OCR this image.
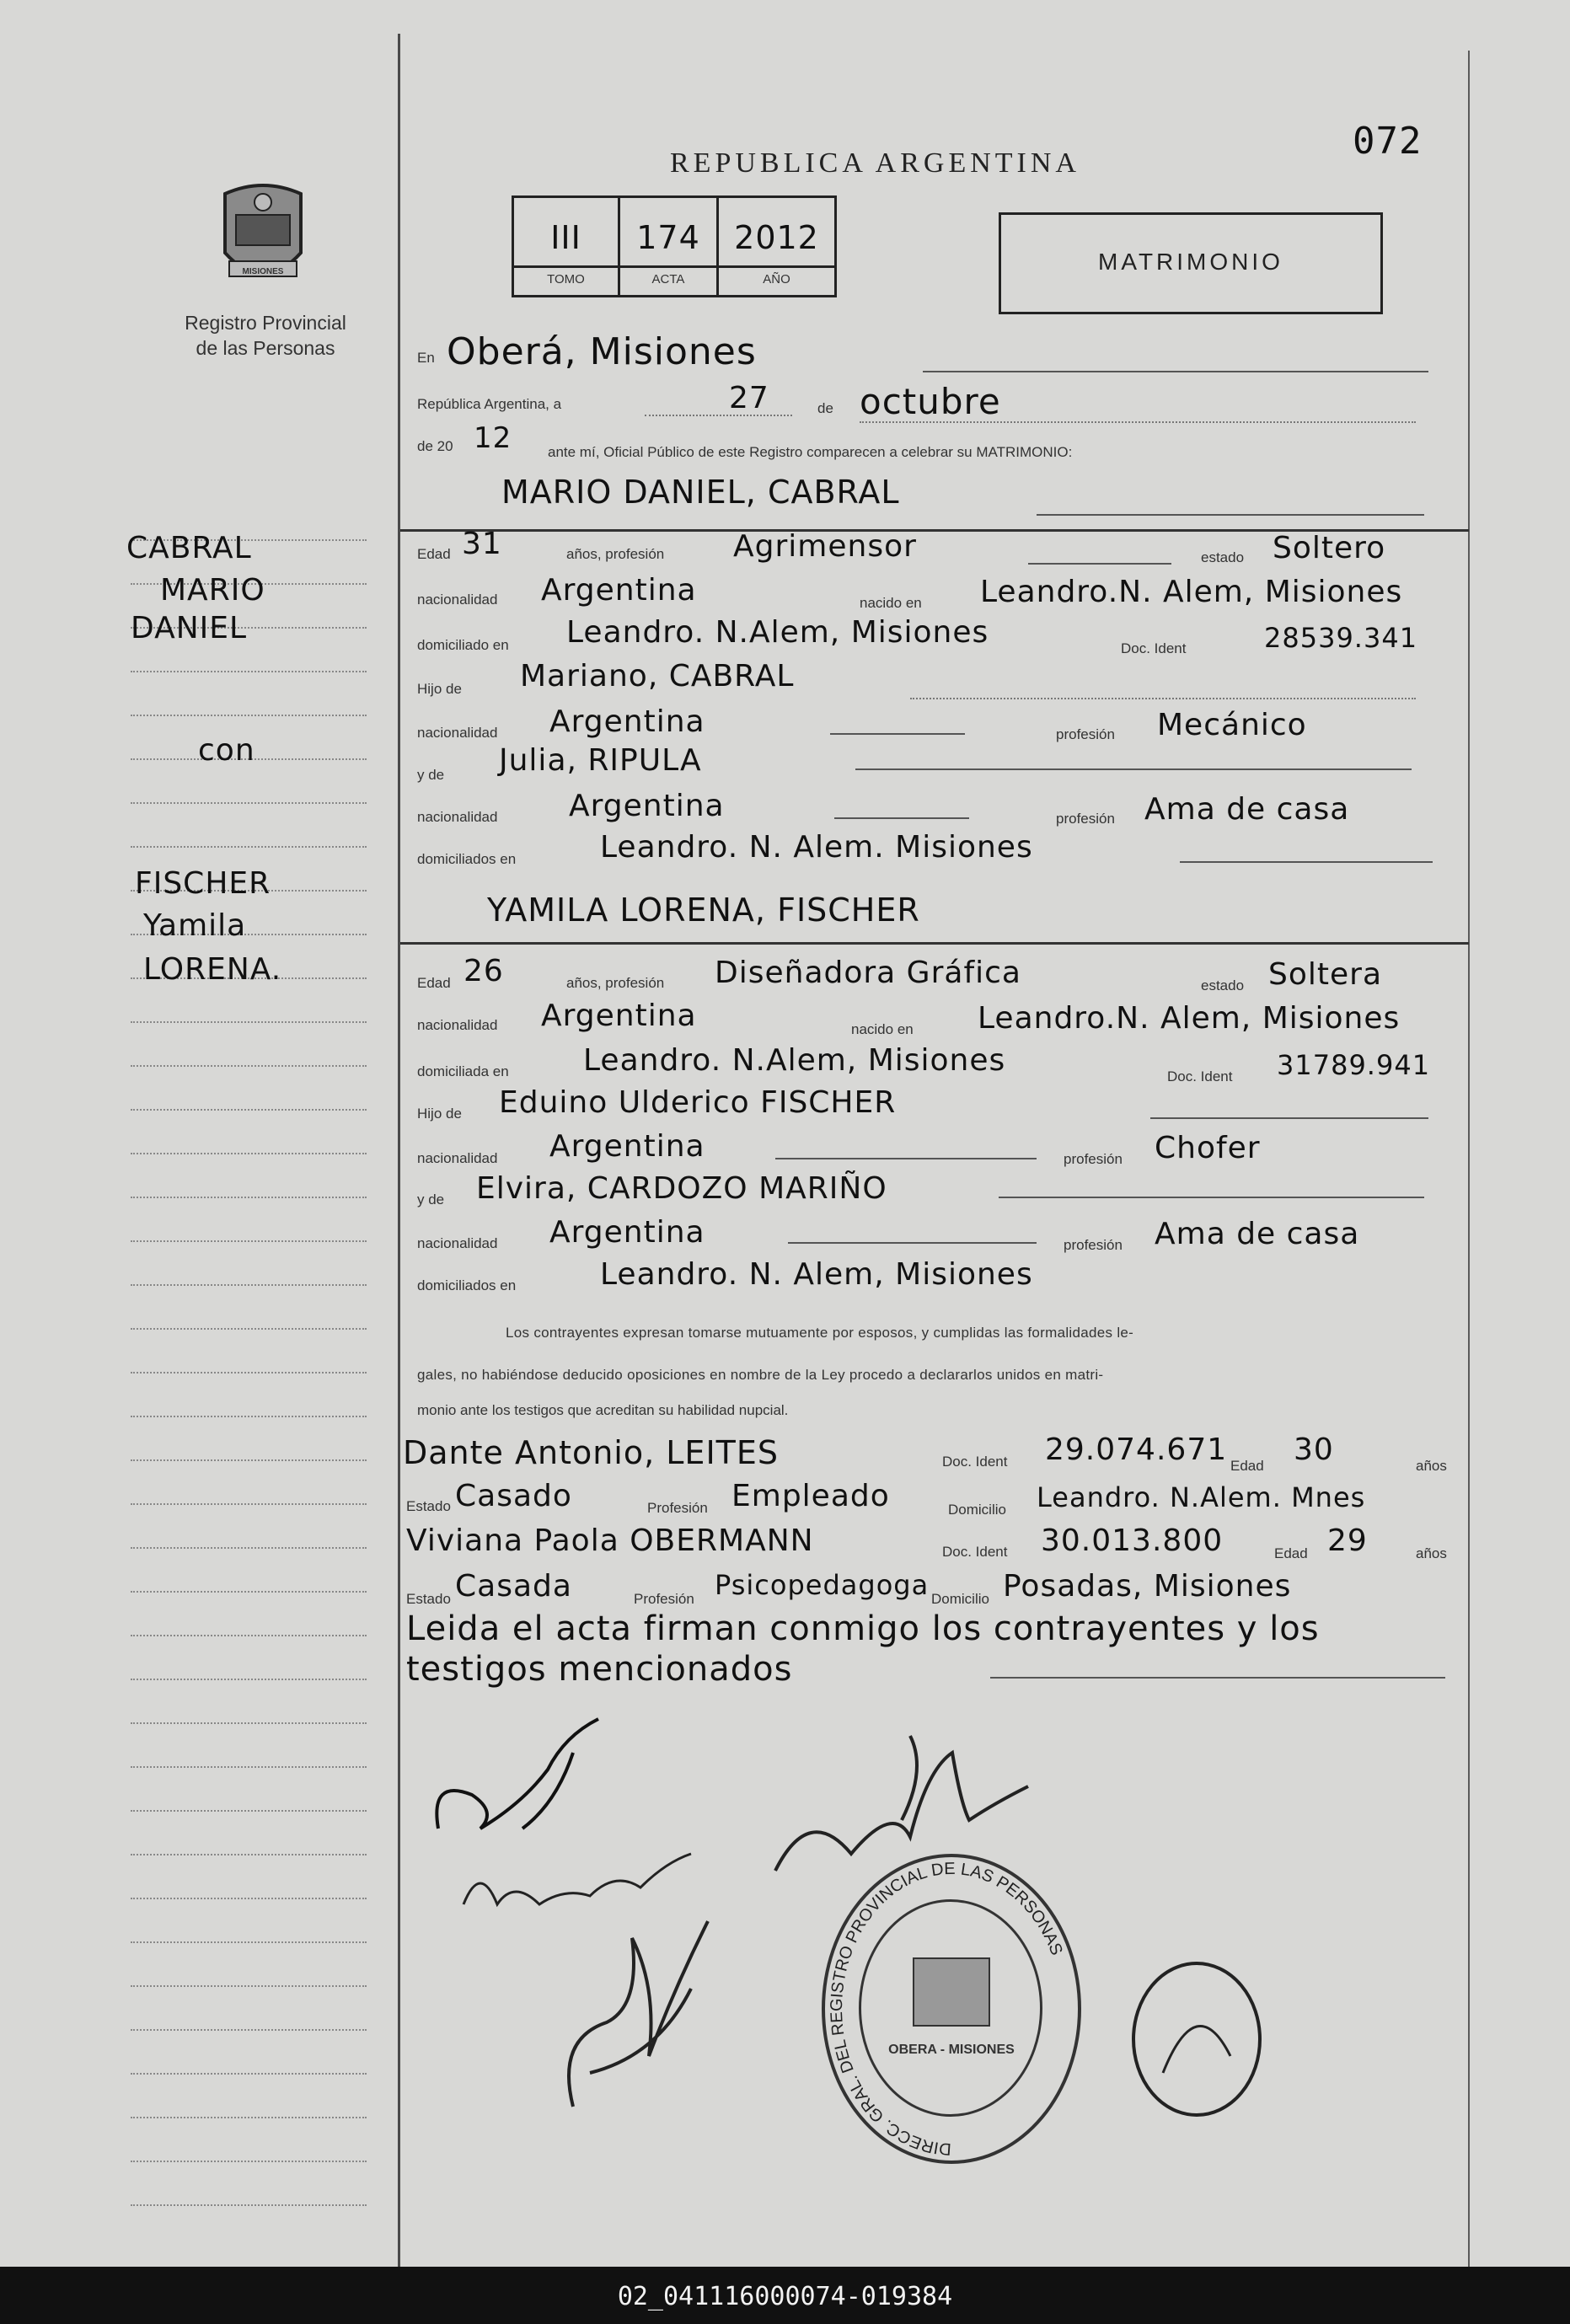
MISIONES
Registro Provincial
de las Personas
REPUBLICA ARGENTINA
072
III	174	2012
TOMO	ACTA	AÑO
MATRIMONIO
En Oberá, Misiones
República Argentina, a	27	de octubre
de 20 12	ante mí, Oficial Público de este Registro comparecen a celebrar su MATRIMONIO:
MARIO DANIEL, CABRAL
Edad 31	años, profesión Agrimensor	estado Soltero
nacionalidad Argentina	nacido en Leandro.N. Alem, Misiones
domiciliado en Leandro. N.Alem, Misiones	Doc. Ident	28539.341
Hijo de Mariano, CABRAL
nacionalidad Argentina	profesión Mecánico
y de Julia, RIPULA
nacionalidad Argentina	profesión Ama de casa
domiciliados en	Leandro. N. Alem. Misiones
YAMILA LORENA, FISCHER
Edad 26	años, profesión Diseñadora Gráfica	estado Soltera
nacionalidad Argentina	nacido en Leandro.N. Alem, Misiones
domiciliada en Leandro. N.Alem, Misiones	Doc. Ident 31789.941
Hijo de Eduino Ulderico FISCHER
nacionalidad Argentina	profesión Chofer
y de Elvira, CARDOZO MARIÑO
nacionalidad Argentina	profesión Ama de casa
domiciliados en	Leandro. N. Alem, Misiones
Los contrayentes expresan tomarse mutuamente por esposos, y cumplidas las formalidades le-
gales, no habiéndose deducido oposiciones en nombre de la Ley procedo a declararlos unidos en matri-
monio ante los testigos que acreditan su habilidad nupcial.
Dante Antonio, LEITES	Doc. Ident 29.074.671 Edad 30	años
Estado Casado	Profesión Empleado	Domicilio Leandro. N.Alem. Mnes
Viviana Paola OBERMANN	Doc. Ident 30.013.800	Edad 29	años
Estado Casada	Profesión Psicopedagoga Domicilio Posadas, Misiones
Leida el acta firman conmigo los contrayentes y los
testigos mencionados
DIRECC. GRAL. DEL REGISTRO PROVINCIAL DE LAS PERSONAS
OBERA - MISIONES
02_041116000074-019384
CABRAL
MARIO
DANIEL
con
FISCHER
Yamila
LORENA.
